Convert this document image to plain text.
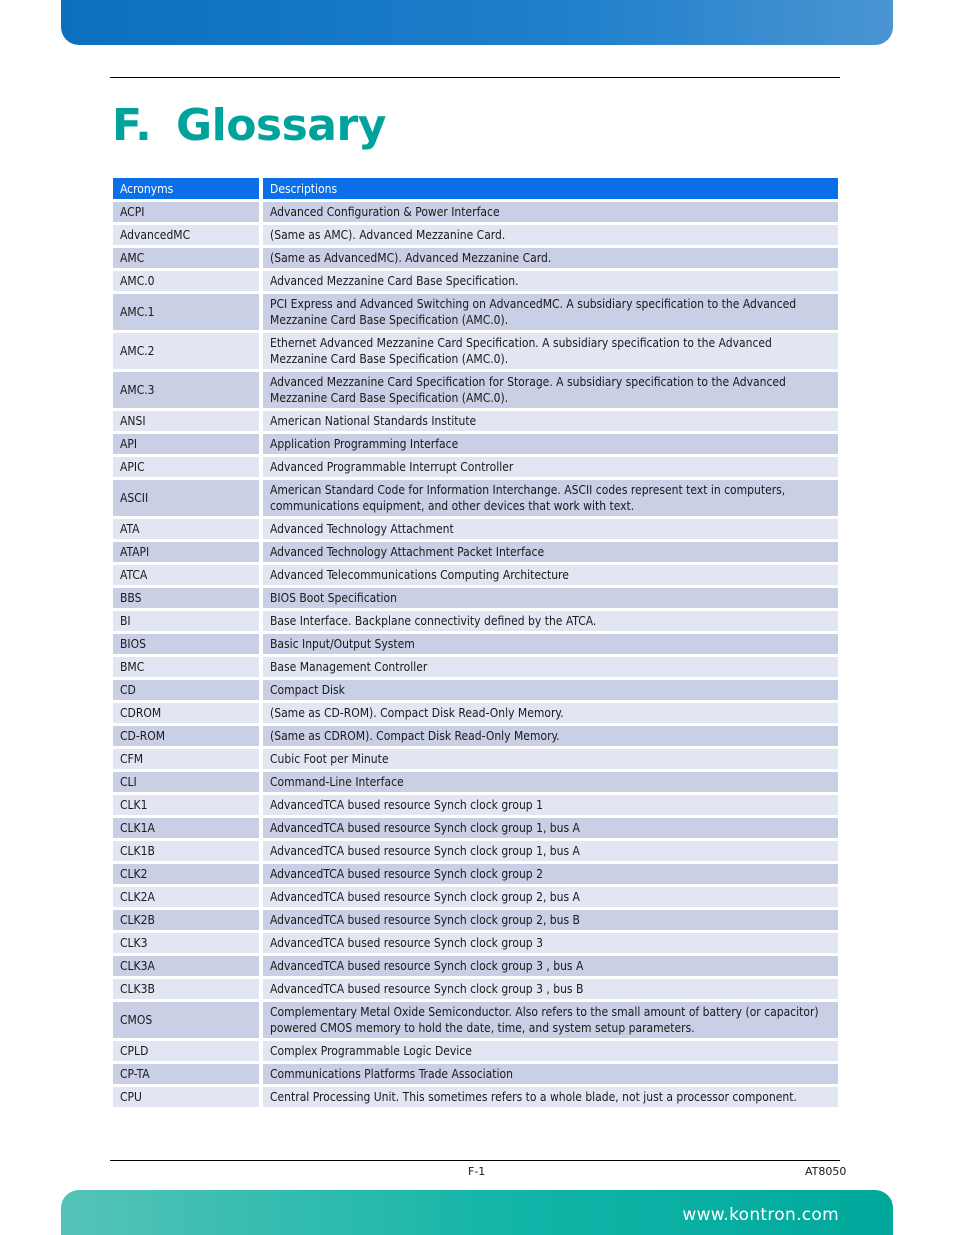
F. Glossary
Acronyms	Descriptions
ACPI	Advanced Configuration & Power Interface
AdvancedMC	(Same as AMC). Advanced Mezzanine Card.
AMC	(Same as AdvancedMC). Advanced Mezzanine Card.
AMC.0	Advanced Mezzanine Card Base Specification.
AMC.1	PCI Express and Advanced Switching on AdvancedMC. A subsidiary specification to the Advanced Mezzanine Card Base Specification (AMC.0).
AMC.2	Ethernet Advanced Mezzanine Card Specification. A subsidiary specification to the Advanced Mezzanine Card Base Specification (AMC.0).
AMC.3	Advanced Mezzanine Card Specification for Storage. A subsidiary specification to the Advanced Mezzanine Card Base Specification (AMC.0).
ANSI	American National Standards Institute
API	Application Programming Interface
APIC	Advanced Programmable Interrupt Controller
ASCII	American Standard Code for Information Interchange. ASCII codes represent text in computers, communications equipment, and other devices that work with text.
ATA	Advanced Technology Attachment
ATAPI	Advanced Technology Attachment Packet Interface
ATCA	Advanced Telecommunications Computing Architecture
BBS	BIOS Boot Specification
BI	Base Interface. Backplane connectivity defined by the ATCA.
BIOS	Basic Input/Output System
BMC	Base Management Controller
CD	Compact Disk
CDROM	(Same as CD-ROM). Compact Disk Read-Only Memory.
CD-ROM	(Same as CDROM). Compact Disk Read-Only Memory.
CFM	Cubic Foot per Minute
CLI	Command-Line Interface
CLK1	AdvancedTCA bused resource Synch clock group 1
CLK1A	AdvancedTCA bused resource Synch clock group 1, bus A
CLK1B	AdvancedTCA bused resource Synch clock group 1, bus A
CLK2	AdvancedTCA bused resource Synch clock group 2
CLK2A	AdvancedTCA bused resource Synch clock group 2, bus A
CLK2B	AdvancedTCA bused resource Synch clock group 2, bus B
CLK3	AdvancedTCA bused resource Synch clock group 3
CLK3A	AdvancedTCA bused resource Synch clock group 3 , bus A
CLK3B	AdvancedTCA bused resource Synch clock group 3 , bus B
CMOS	Complementary Metal Oxide Semiconductor. Also refers to the small amount of battery (or capacitor) powered CMOS memory to hold the date, time, and system setup parameters.
CPLD	Complex Programmable Logic Device
CP-TA	Communications Platforms Trade Association
CPU	Central Processing Unit. This sometimes refers to a whole blade, not just a processor component.
F-1	AT8050
www.kontron.com
